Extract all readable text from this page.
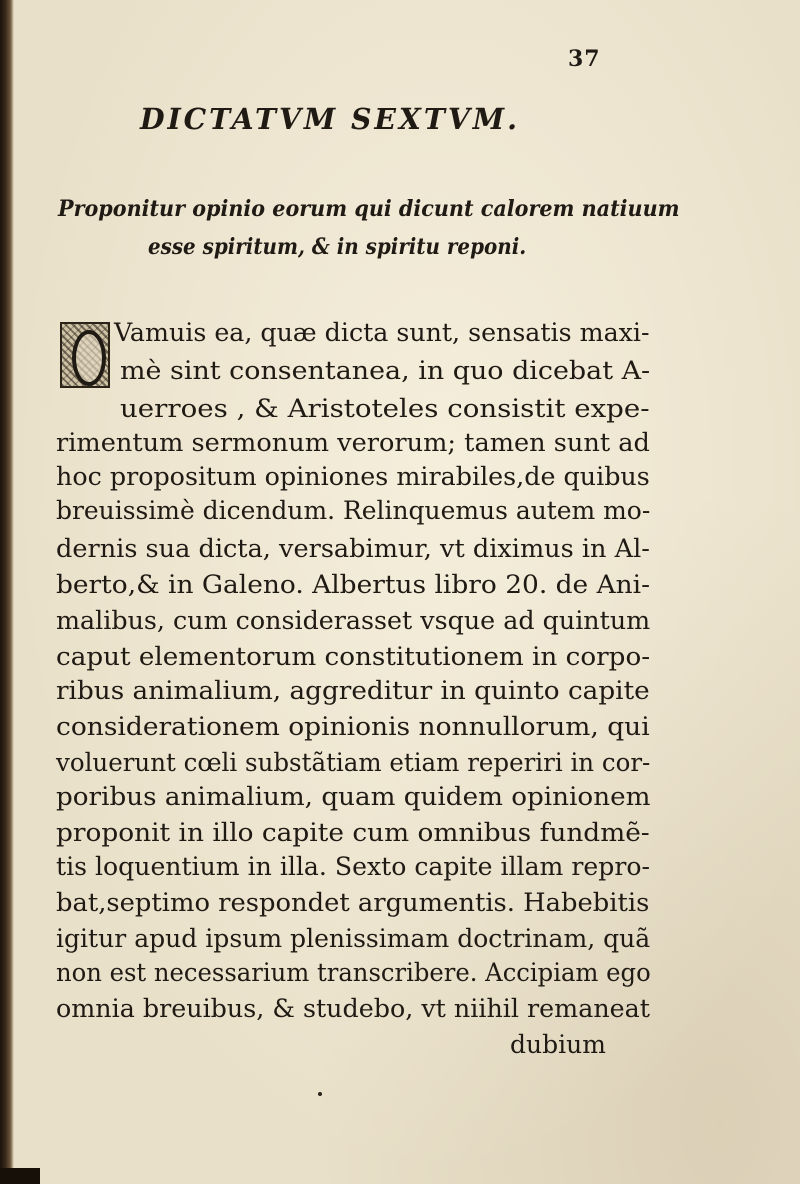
37
DICTATVM SEXTVM.
Proponitur opinio eorum qui dicunt calorem natiuum
esse spiritum, & in spiritu reponi.
Vamuis ea, quæ dicta sunt, sensatis maxi-
mè sint consentanea, in quo dicebat A-
uerroes , & Aristoteles consistit expe-
rimentum sermonum verorum; tamen sunt ad
hoc propositum opiniones mirabiles,de quibus
breuissimè dicendum. Relinquemus autem mo-
dernis sua dicta, versabimur, vt diximus in Al-
berto,& in Galeno. Albertus libro 20. de Ani-
malibus, cum considerasset vsque ad quintum
caput elementorum constitutionem in corpo-
ribus animalium, aggreditur in quinto capite
considerationem opinionis nonnullorum, qui
voluerunt cœli substãtiam etiam reperiri in cor-
poribus animalium, quam quidem opinionem
proponit in illo capite cum omnibus fundmẽ-
tis loquentium in illa. Sexto capite illam repro-
bat,septimo respondet argumentis. Habebitis
igitur apud ipsum plenissimam doctrinam, quã
non est necessarium transcribere. Accipiam ego
omnia breuibus, & studebo, vt niihil remaneat
dubium
